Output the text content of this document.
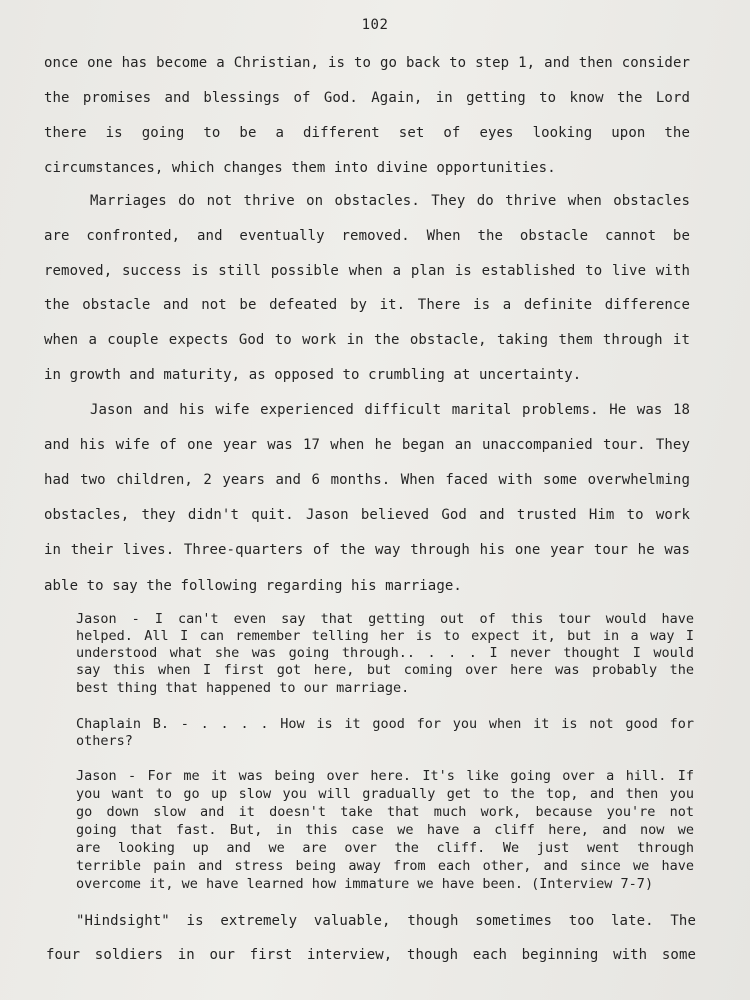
102
once one has become a Christian, is to go back to step 1, and then consider
the promises and blessings of God. Again, in getting to know the Lord
there is going to be a different set of eyes looking upon the
circumstances, which changes them into divine opportunities.
Marriages do not thrive on obstacles. They do thrive when obstacles
are confronted, and eventually removed. When the obstacle cannot be
removed, success is still possible when a plan is established to live with
the obstacle and not be defeated by it. There is a definite difference
when a couple expects God to work in the obstacle, taking them through it
in growth and maturity, as opposed to crumbling at uncertainty.
Jason and his wife experienced difficult marital problems. He was 18
and his wife of one year was 17 when he began an unaccompanied tour. They
had two children, 2 years and 6 months. When faced with some overwhelming
obstacles, they didn't quit. Jason believed God and trusted Him to work
in their lives. Three-quarters of the way through his one year tour he was
able to say the following regarding his marriage.
Jason - I can't even say that getting out of this tour would have
helped. All I can remember telling her is to expect it, but in a way I
understood what she was going through.. . . . I never thought I would
say this when I first got here, but coming over here was probably the
best thing that happened to our marriage.
Chaplain B. - . . . . How is it good for you when it is not good for
others?
Jason - For me it was being over here. It's like going over a hill. If
you want to go up slow you will gradually get to the top, and then you
go down slow and it doesn't take that much work, because you're not
going that fast. But, in this case we have a cliff here, and now we
are looking up and we are over the cliff. We just went through
terrible pain and stress being away from each other, and since we have
overcome it, we have learned how immature we have been. (Interview 7-7)
"Hindsight" is extremely valuable, though sometimes too late. The
four soldiers in our first interview, though each beginning with some
